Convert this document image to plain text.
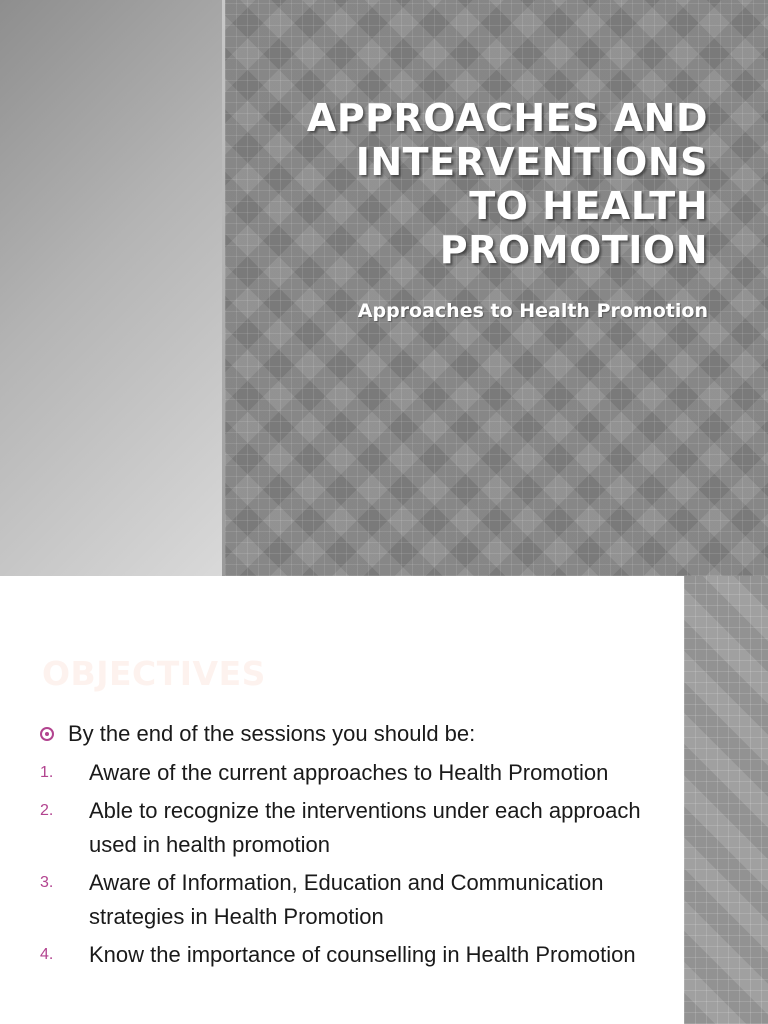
APPROACHES AND
INTERVENTIONS
TO HEALTH
PROMOTION

Approaches to Health Promotion

OBJECTIVES
By the end of the sessions you should be:
1.	Aware of the current approaches to Health Promotion
2.	Able to recognize the interventions under each approach used in health promotion
3.	Aware of Information, Education and Communication strategies in Health Promotion
4.	Know the importance of counselling in Health Promotion
